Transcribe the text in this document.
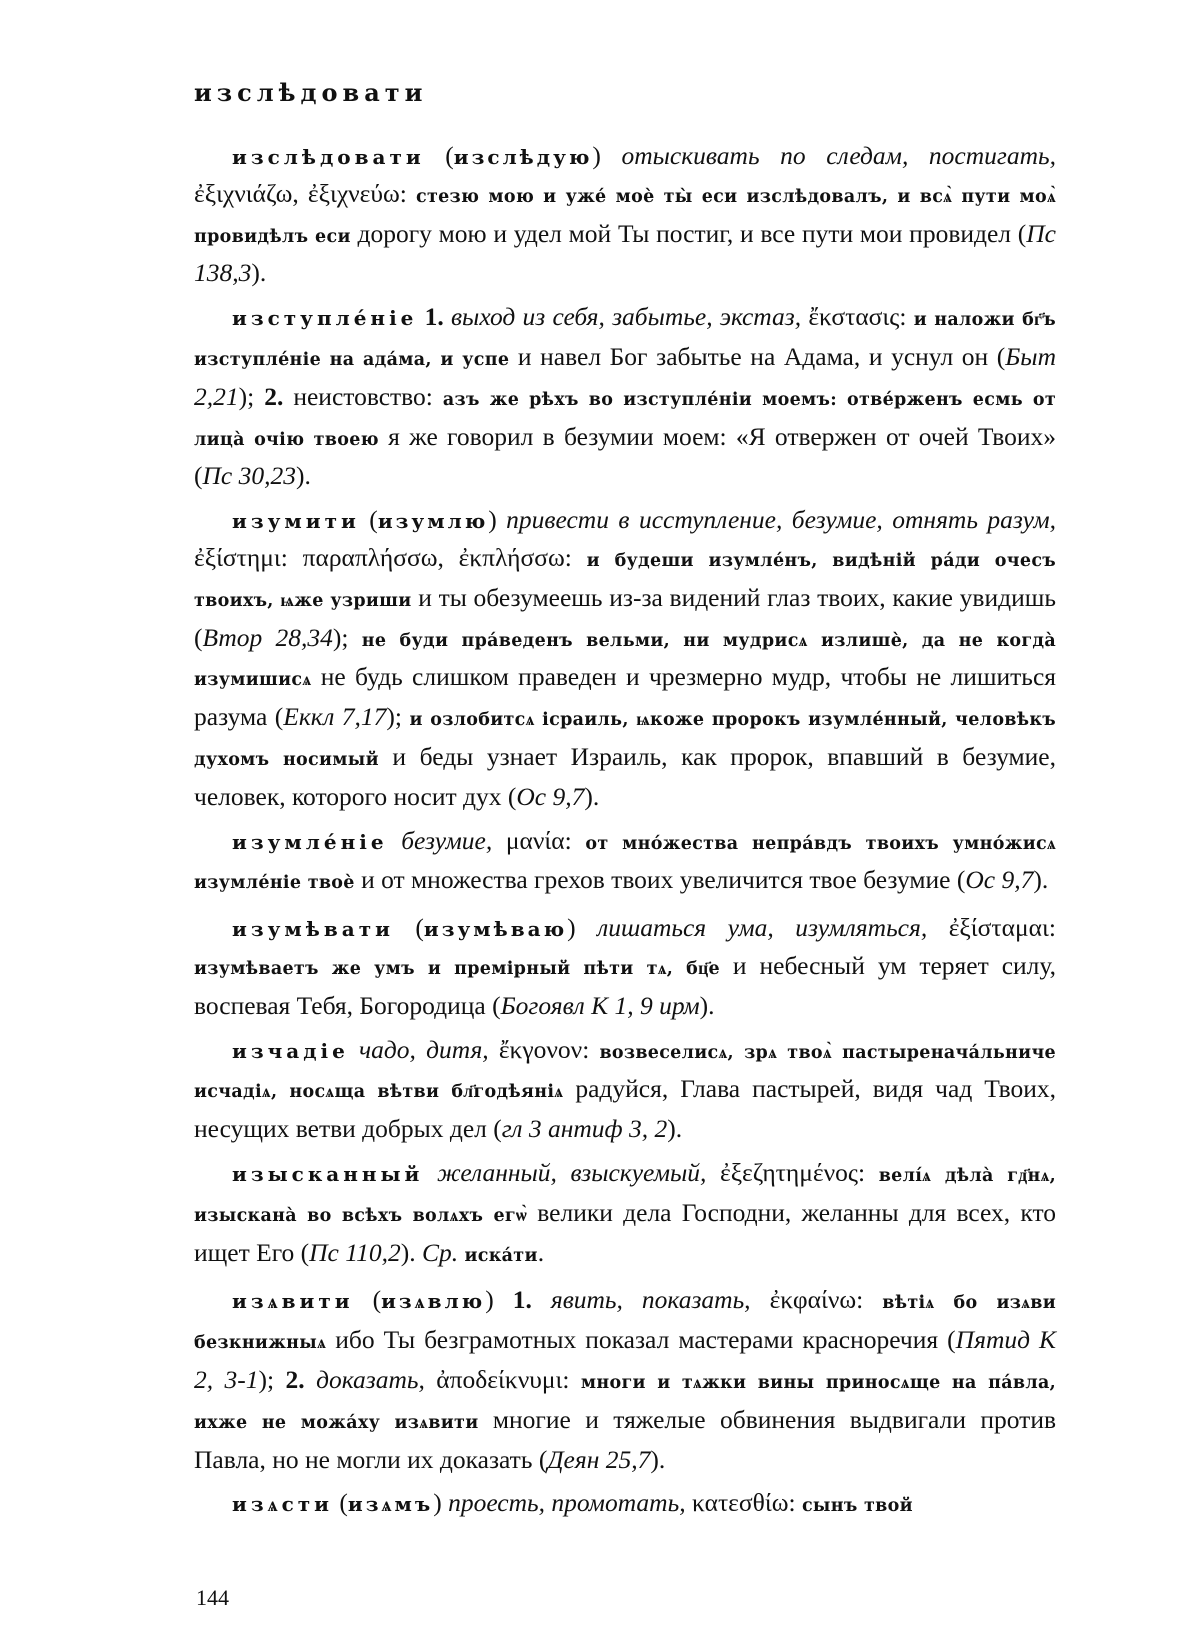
изслѣдовати

изслѣдовати (изслѣдую) отыскивать по следам, постигать, ἐξιχνιάζω, ἐξιχνεύω: стезю мою и ужé моѐ ты̀ еси изслѣдовалъ, и всѧ̀ пути моѧ̀ провидѣлъ еси дорогу мою и удел мой Ты постиг, и все пути мои провидел (Пс 138,3).

изступлéніе 1. выход из себя, забытье, экстаз, ἔκστασις: и наложи бг҃ъ изступлéніе на адáма, и успе и навел Бог забытье на Адама, и уснул он (Быт 2,21); 2. неистовство: азъ же рѣхъ во изступлéніи моемъ: отвéрженъ есмь от лицà очію твоею я же говорил в безумии моем: «Я отвержен от очей Твоих» (Пс 30,23).

изумити (изумлю) привести в исступление, безумие, отнять разум, ἐξίστημι: παραπλήσσω, ἐκπλήσσω: и будеши изумлéнъ, видѣній рáди очесъ твоихъ, ѩже узриши и ты обезумеешь из-за видений глаз твоих, какие увидишь (Втор 28,34); не буди прáведенъ вельми, ни мудрисѧ излишѐ, да не когдà изумишисѧ не будь слишком праведен и чрезмерно мудр, чтобы не лишиться разума (Еккл 7,17); и озлобитсѧ ісраиль, ѩкоже пророкъ изумлéнный, человѣкъ духомъ носимый и беды узнает Израиль, как пророк, впавший в безумие, человек, которого носит дух (Ос 9,7).

изумлéніе безумие, μανία: от мнóжества непрáвдъ твоихъ умнóжисѧ изумлéніе твоѐ и от множества грехов твоих увеличится твое безумие (Ос 9,7).

изумѣвати (изумѣваю) лишаться ума, изумляться, ἐξίσταμαι: изумѣваетъ же умъ и премірный пѣти тѧ, бц҃е и небесный ум теряет силу, воспевая Тебя, Богородица (Богоявл К 1, 9 ирм).

изчадіе чадо, дитя, ἔκγονον: возвеселисѧ, зрѧ твоѧ̀ пастыреначáльниче исчадіѧ, носѧща вѣтви бл҃годѣяніѧ радуйся, Глава пастырей, видя чад Твоих, несущих ветви добрых дел (гл 3 антиф 3, 2).

изысканный желанный, взыскуемый, ἐξεζητημένος: велíѧ дѣлà гд҃нѧ, изысканà во всѣхъ волѧхъ егѡ̀ велики дела Господни, желанны для всех, кто ищет Его (Пс 110,2). Ср. искáти.

изѧвити (изѧвлю) 1. явить, показать, ἐκφαίνω: вѣтіѧ бо изѧви безкнижныѧ ибо Ты безграмотных показал мастерами красноречия (Пятид К 2, 3-1); 2. доказать, ἀποδείκνυμι: многи и тѧжки вины приносѧще на пáвла, ихже не можáху изѧвити многие и тяжелые обвинения выдвигали против Павла, но не могли их доказать (Деян 25,7).

изѧсти (изѧмъ) проесть, промотать, κατεσθίω: сынъ твой

144
